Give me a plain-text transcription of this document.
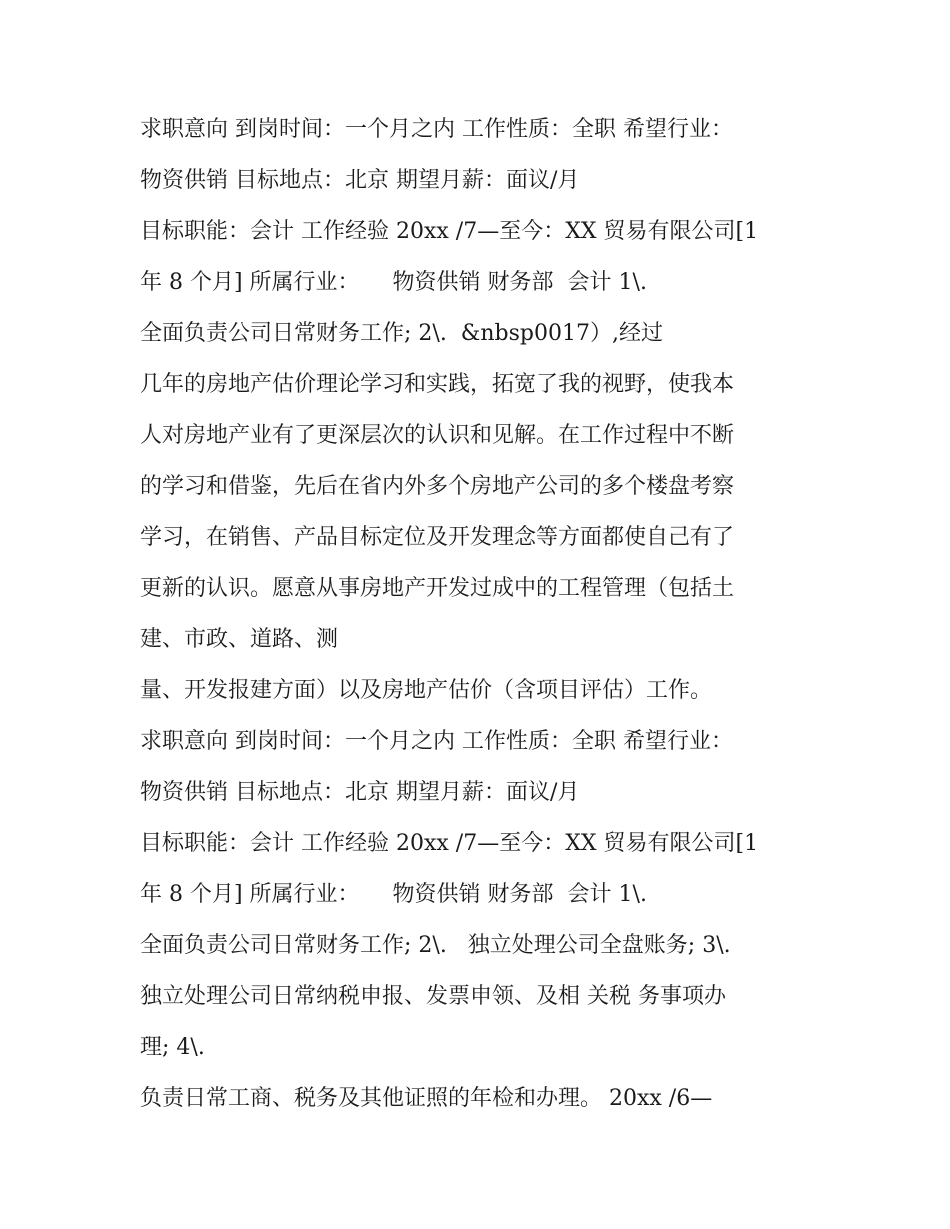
求职意向 到岗时间：一个月之内 工作性质：全职 希望行业：
物资供销 目标地点：北京 期望月薪：面议/月
目标职能：会计 工作经验 20xx /7—至今：XX 贸易有限公司[1
年 8 个月] 所属行业：　　物资供销 财务部  会计 1\.
全面负责公司日常财务工作; 2\.  &nbsp0017）,经过
几年的房地产估价理论学习和实践，拓宽了我的视野，使我本
人对房地产业有了更深层次的认识和见解。在工作过程中不断
的学习和借鉴，先后在省内外多个房地产公司的多个楼盘考察
学习，在销售、产品目标定位及开发理念等方面都使自己有了
更新的认识。愿意从事房地产开发过成中的工程管理（包括土
建、市政、道路、测
量、开发报建方面）以及房地产估价（含项目评估）工作。
求职意向 到岗时间：一个月之内 工作性质：全职 希望行业：
物资供销 目标地点：北京 期望月薪：面议/月
目标职能：会计 工作经验 20xx /7—至今：XX 贸易有限公司[1
年 8 个月] 所属行业：　　物资供销 财务部  会计 1\.
全面负责公司日常财务工作; 2\.   独立处理公司全盘账务; 3\.
独立处理公司日常纳税申报、发票申领、及相 关税 务事项办
理; 4\.
负责日常工商、税务及其他证照的年检和办理。 20xx /6—
